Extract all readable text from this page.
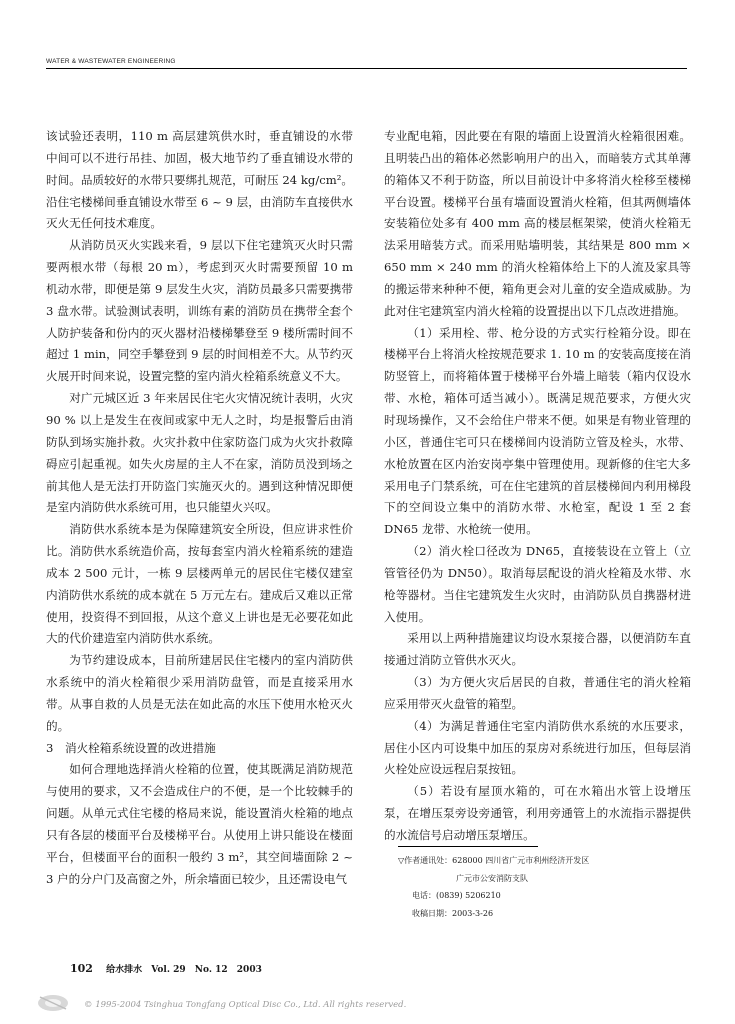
WATER & WASTEWATER ENGINEERING

该试验还表明，110 m 高层建筑供水时，垂直铺设的水带中间可以不进行吊挂、加固，极大地节约了垂直铺设水带的时间。品质较好的水带只要绑扎规范，可耐压 24 kg/cm²。沿住宅楼梯间垂直铺设水带至 6 ~ 9 层，由消防车直接供水灭火无任何技术难度。

从消防员灭火实践来看，9 层以下住宅建筑灭火时只需要两根水带（每根 20 m），考虑到灭火时需要预留 10 m 机动水带，即便是第 9 层发生火灾，消防员最多只需要携带 3 盘水带。试验测试表明，训练有素的消防员在携带全套个人防护装备和份内的灭火器材沿楼梯攀登至 9 楼所需时间不超过 1 min，同空手攀登到 9 层的时间相差不大。从节约灭火展开时间来说，设置完整的室内消火栓箱系统意义不大。

对广元城区近 3 年来居民住宅火灾情况统计表明，火灾 90 % 以上是发生在夜间或家中无人之时，均是报警后由消防队到场实施扑救。火灾扑救中住家防盗门成为火灾扑救障碍应引起重视。如失火房屋的主人不在家，消防员没到场之前其他人是无法打开防盗门实施灭火的。遇到这种情况即便是室内消防供水系统可用，也只能望火兴叹。

消防供水系统本是为保障建筑安全所设，但应讲求性价比。消防供水系统造价高，按每套室内消火栓箱系统的建造成本 2 500 元计，一栋 9 层楼两单元的居民住宅楼仅建室内消防供水系统的成本就在 5 万元左右。建成后又难以正常使用，投资得不到回报，从这个意义上讲也是无必要花如此大的代价建造室内消防供水系统。

为节约建设成本，目前所建居民住宅楼内的室内消防供水系统中的消火栓箱很少采用消防盘管，而是直接采用水带。从事自救的人员是无法在如此高的水压下使用水枪灭火的。

3　消火栓箱系统设置的改进措施

如何合理地选择消火栓箱的位置，使其既满足消防规范与使用的要求，又不会造成住户的不便，是一个比较棘手的问题。从单元式住宅楼的格局来说，能设置消火栓箱的地点只有各层的楼面平台及楼梯平台。从使用上讲只能设在楼面平台，但楼面平台的面积一般约 3 m²，其空间墙面除 2 ~ 3 户的分户门及高窗之外，所余墙面已较少，且还需设电气

专业配电箱，因此要在有限的墙面上设置消火栓箱很困难。且明装凸出的箱体必然影响用户的出入，而暗装方式其单薄的箱体又不利于防盗，所以目前设计中多将消火栓移至楼梯平台设置。楼梯平台虽有墙面设置消火栓箱，但其两侧墙体安装箱位处多有 400 mm 高的楼层框架梁，使消火栓箱无法采用暗装方式。而采用贴墙明装，其结果是 800 mm × 650 mm × 240 mm 的消火栓箱体给上下的人流及家具等的搬运带来种种不便，箱角更会对儿童的安全造成威胁。为此对住宅建筑室内消火栓箱的设置提出以下几点改进措施。

（1）采用栓、带、枪分设的方式实行栓箱分设。即在楼梯平台上将消火栓按规范要求 1. 10 m 的安装高度接在消防竖管上，而将箱体置于楼梯平台外墙上暗装（箱内仅设水带、水枪，箱体可适当减小）。既满足规范要求，方便火灾时现场操作，又不会给住户带来不便。如果是有物业管理的小区，普通住宅可只在楼梯间内设消防立管及栓头，水带、水枪放置在区内治安岗亭集中管理使用。现新修的住宅大多采用电子门禁系统，可在住宅建筑的首层楼梯间内利用梯段下的空间设立集中的消防水带、水枪室，配设 1 至 2 套 DN65 龙带、水枪统一使用。

（2）消火栓口径改为 DN65，直接装设在立管上（立管管径仍为 DN50）。取消每层配设的消火栓箱及水带、水枪等器材。当住宅建筑发生火灾时，由消防队员自携器材进入使用。

采用以上两种措施建议均设水泵接合器，以便消防车直接通过消防立管供水灭火。

（3）为方便火灾后居民的自救，普通住宅的消火栓箱应采用带灭火盘管的箱型。

（4）为满足普通住宅室内消防供水系统的水压要求，居住小区内可设集中加压的泵房对系统进行加压，但每层消火栓处应设远程启泵按钮。

（5）若设有屋顶水箱的，可在水箱出水管上设增压泵，在增压泵旁设旁通管，利用旁通管上的水流指示器提供的水流信号启动增压泵增压。

▽作者通讯处：628000 四川省广元市利州经济开发区
广元市公安消防支队
电话：(0839) 5206210
收稿日期：2003-3-26
102 给水排水 Vol. 29 No. 12 2003
© 1995-2004 Tsinghua Tongfang Optical Disc Co., Ltd. All rights reserved.
